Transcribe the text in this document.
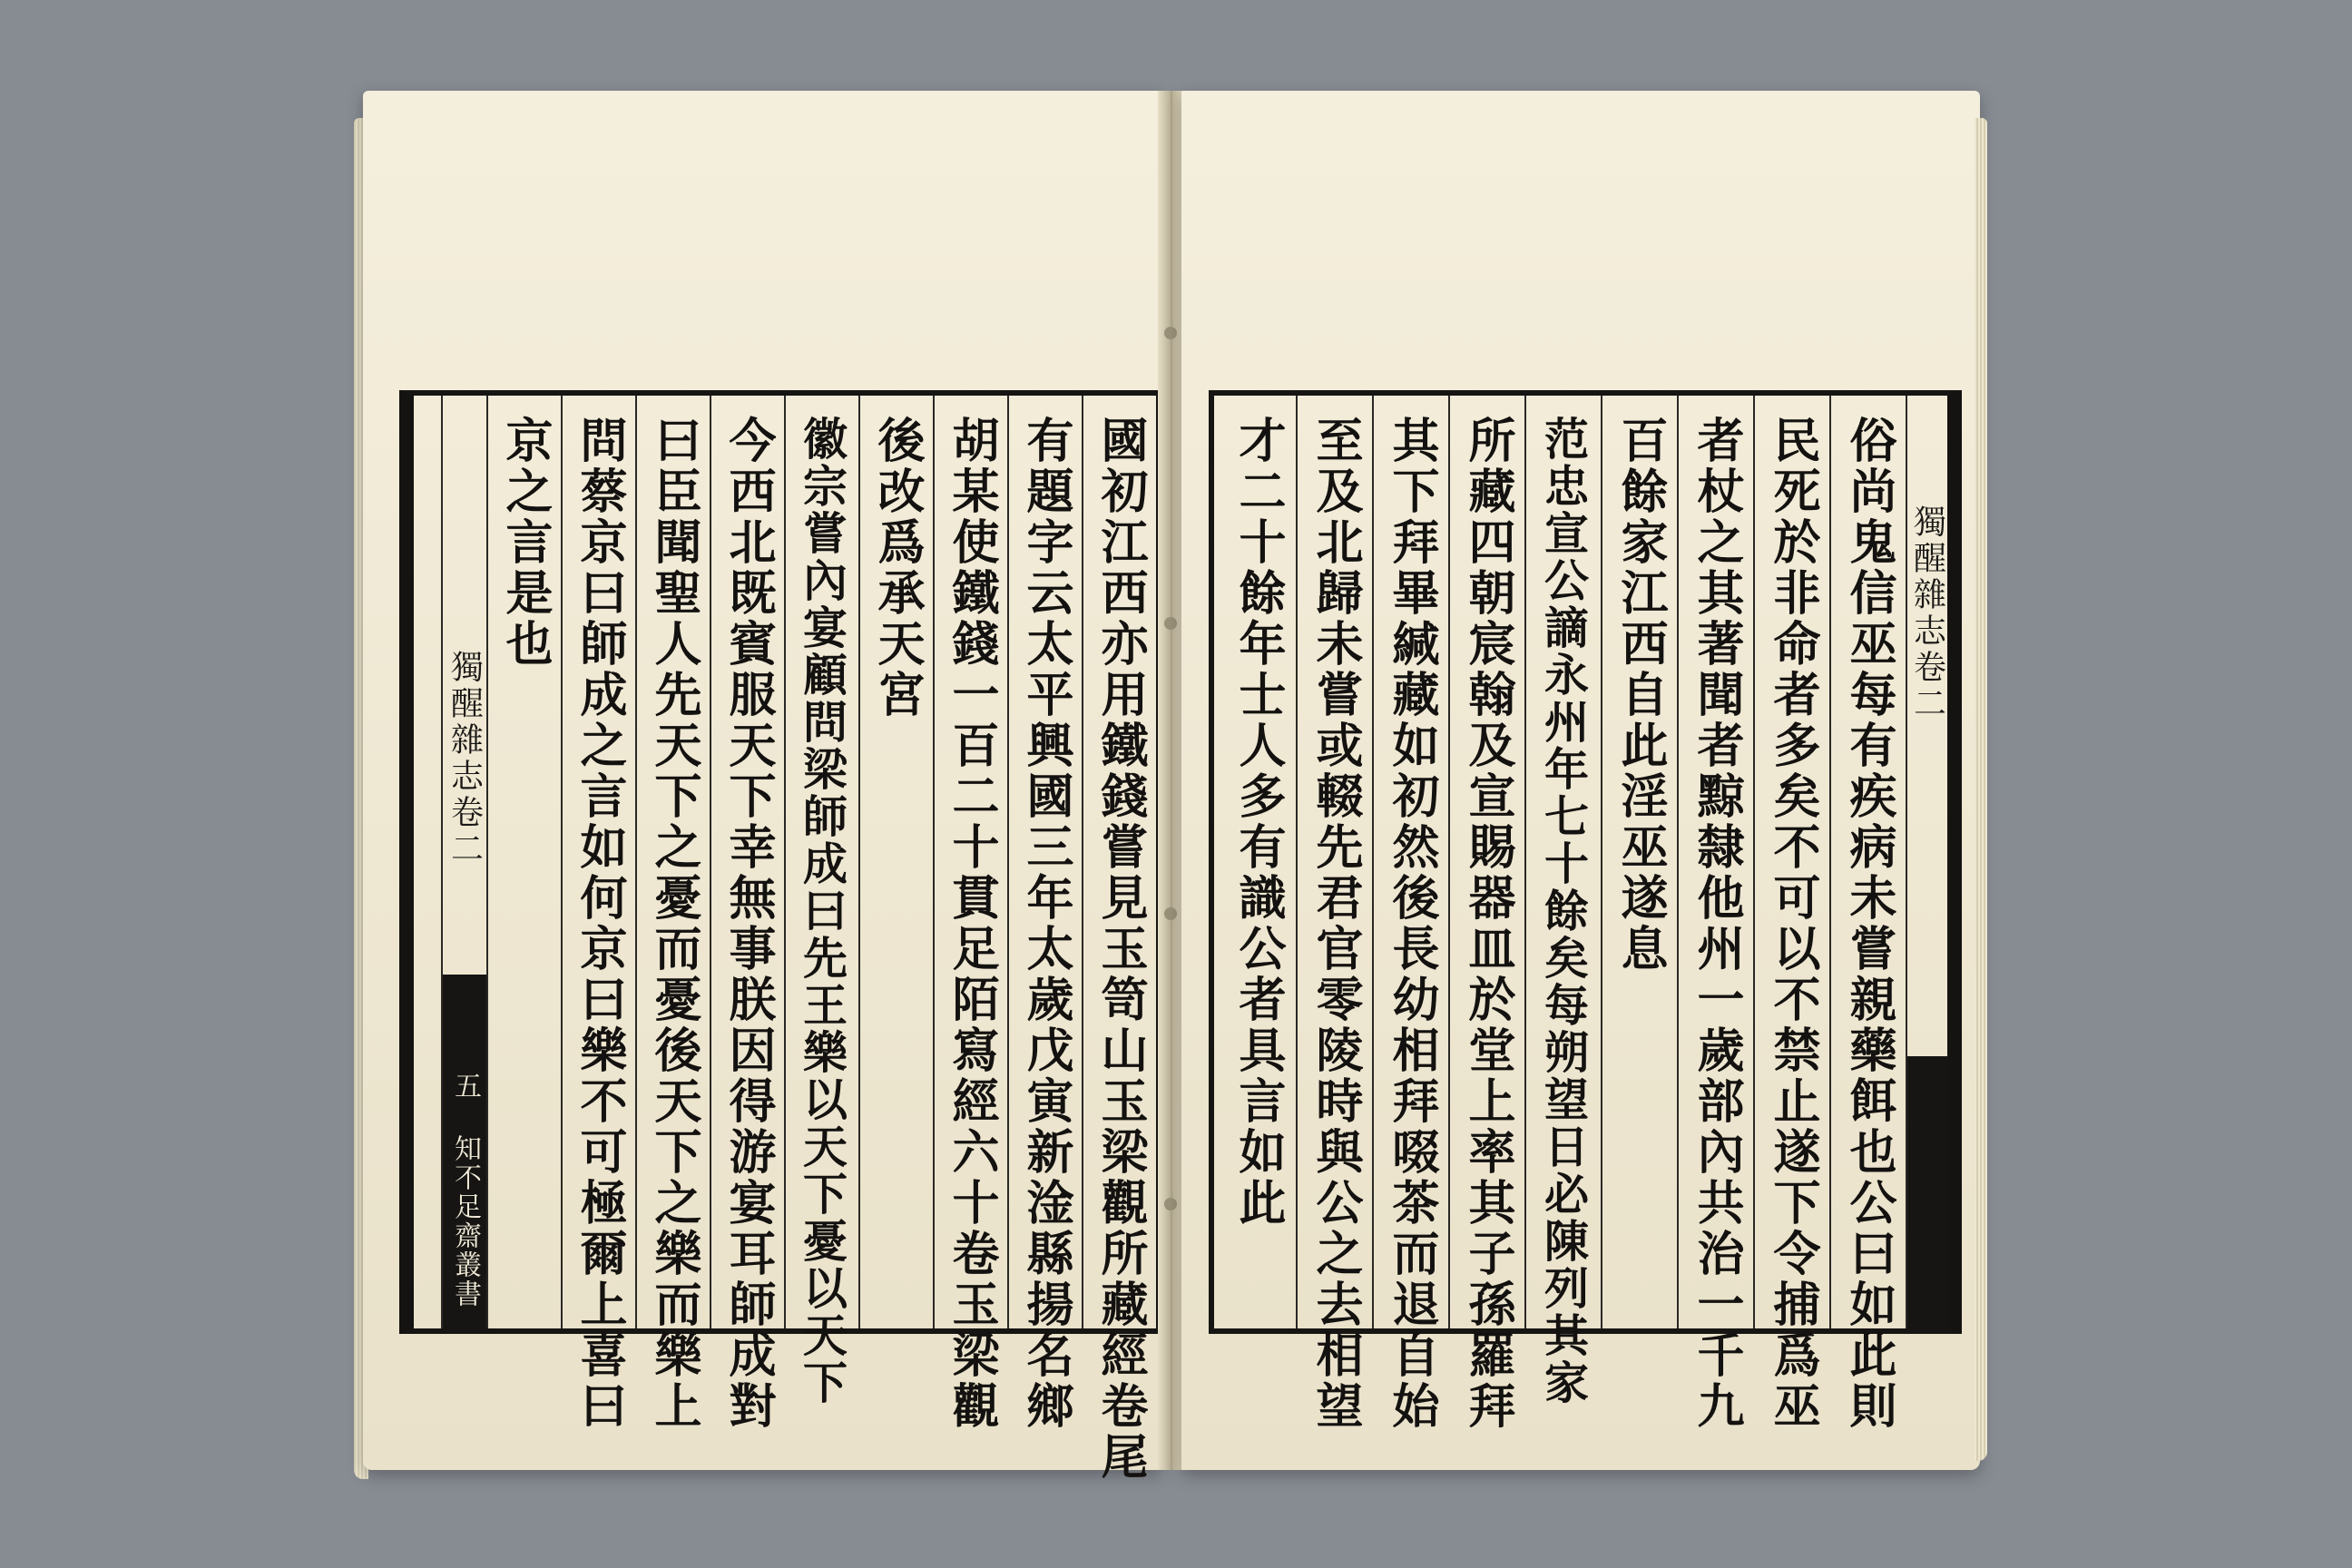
國初江西亦用鐵錢嘗見玉笥山玉梁觀所藏經卷尾
有題字云太平興國三年太歲戊寅新淦縣揚名鄉
胡某使鐵錢一百二十貫足陌寫經六十卷玉梁觀
後改爲承天宮
徽宗嘗內宴顧問梁師成曰先王樂以天下憂以天下
今西北既賓服天下幸無事朕因得游宴耳師成對
曰臣聞聖人先天下之憂而憂後天下之樂而樂上
問蔡京曰師成之言如何京曰樂不可極爾上喜曰
京之言是也
獨醒雜志卷二
五 知不足齋叢書
獨醒雜志卷二
俗尚鬼信巫每有疾病未嘗親藥餌也公曰如此則
民死於非命者多矣不可以不禁止遂下令捕爲巫
者杖之其著聞者黥隸他州一歲部內共治一千九
百餘家江西自此淫巫遂息
范忠宣公謫永州年七十餘矣每朔望日必陳列其家
所藏四朝宸翰及宣賜器皿於堂上率其子孫羅拜
其下拜畢緘藏如初然後長幼相拜啜茶而退自始
至及北歸未嘗或輟先君官零陵時與公之去相望
才二十餘年士人多有識公者具言如此
